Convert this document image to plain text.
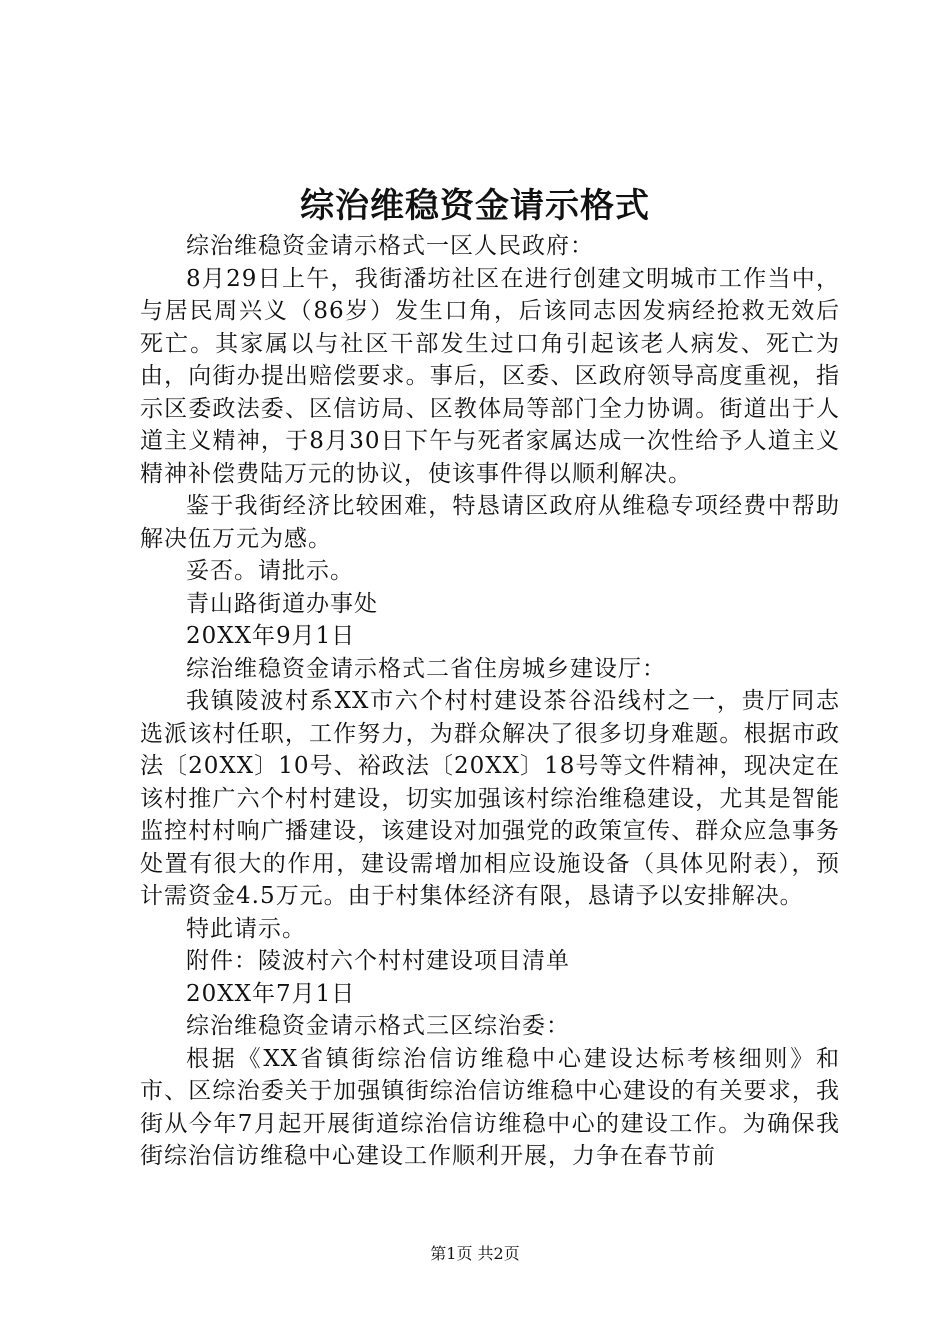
综治维稳资金请示格式

综治维稳资金请示格式一区人民政府：

8月29日上午，我街潘坊社区在进行创建文明城市工作当中，与居民周兴义（86岁）发生口角，后该同志因发病经抢救无效后死亡。其家属以与社区干部发生过口角引起该老人病发、死亡为由，向街办提出赔偿要求。事后，区委、区政府领导高度重视，指示区委政法委、区信访局、区教体局等部门全力协调。街道出于人道主义精神，于8月30日下午与死者家属达成一次性给予人道主义精神补偿费陆万元的协议，使该事件得以顺利解决。

鉴于我街经济比较困难，特恳请区政府从维稳专项经费中帮助解决伍万元为感。

妥否。请批示。

青山路街道办事处

20XX年9月1日

综治维稳资金请示格式二省住房城乡建设厅：

我镇陵波村系XX市六个村村建设茶谷沿线村之一，贵厅同志选派该村任职，工作努力，为群众解决了很多切身难题。根据市政法〔20XX〕10号、裕政法〔20XX〕18号等文件精神，现决定在该村推广六个村村建设，切实加强该村综治维稳建设，尤其是智能监控村村响广播建设，该建设对加强党的政策宣传、群众应急事务处置有很大的作用，建设需增加相应设施设备（具体见附表），预计需资金4.5万元。由于村集体经济有限，恳请予以安排解决。

特此请示。

附件：陵波村六个村村建设项目清单

20XX年7月1日

综治维稳资金请示格式三区综治委：

根据《XX省镇街综治信访维稳中心建设达标考核细则》和市、区综治委关于加强镇街综治信访维稳中心建设的有关要求，我街从今年7月起开展街道综治信访维稳中心的建设工作。为确保我街综治信访维稳中心建设工作顺利开展，力争在春节前

第1页 共2页
